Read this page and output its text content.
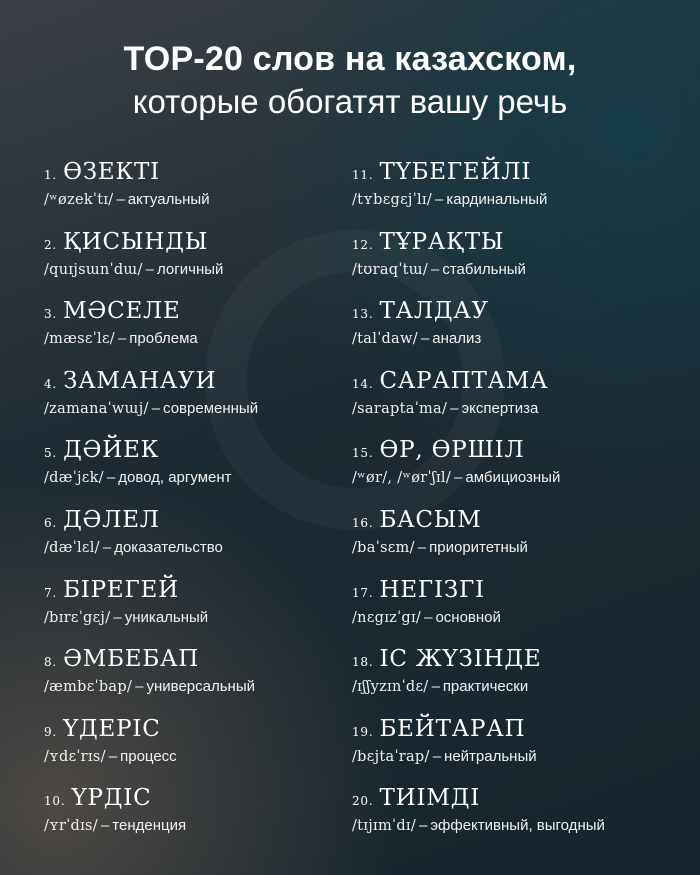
TOP-20 слов на казахском,
которые обогатят вашу речь
1. ӨЗЕКТІ
/ʷøzekˈtɪ/ – актуальный
2. ҚИСЫНДЫ
/quɪjsɯnˈdɯ/ – логичный
3. МӘСЕЛЕ
/mæsɛˈlɛ/ – проблема
4. ЗАМАНАУИ
/zamanaˈwɯj/ – современный
5. ДӘЙЕК
/dæˈjɛk/ – довод, аргумент
6. ДӘЛЕЛ
/dæˈlɛl/ – доказательство
7. БІРЕГЕЙ
/bɪrɛˈgɛj/ – уникальный
8. ӘМБЕБАП
/æmbɛˈbap/ – универсальный
9. ҮДЕРІС
/ʏdɛˈrɪs/ – процесс
10. ҮРДІС
/ʏrˈdɪs/ – тенденция
11. ТҮБЕГЕЙЛІ
/tʏbɛgɛjˈlɪ/ – кардинальный
12. ТҰРАҚТЫ
/tʊraqˈtɯ/ – стабильный
13. ТАЛДАУ
/talˈdaw/ – анализ
14. САРАПТАМА
/saraptaˈma/ – экспертиза
15. ӨР, ӨРШІЛ
/ʷør/, /ʷørˈʃɪl/ – амбициозный
16. БАСЫМ
/baˈsɛm/ – приоритетный
17. НЕГІЗГІ
/nɛgɪzˈgɪ/ – основной
18. ІС ЖҮЗІНДЕ
/ɪʃʃyzɪnˈdɛ/ – практически
19. БЕЙТАРАП
/bɛjtaˈrap/ – нейтральный
20. ТИІМДІ
/tɪjɪmˈdɪ/ – эффективный, выгодный
